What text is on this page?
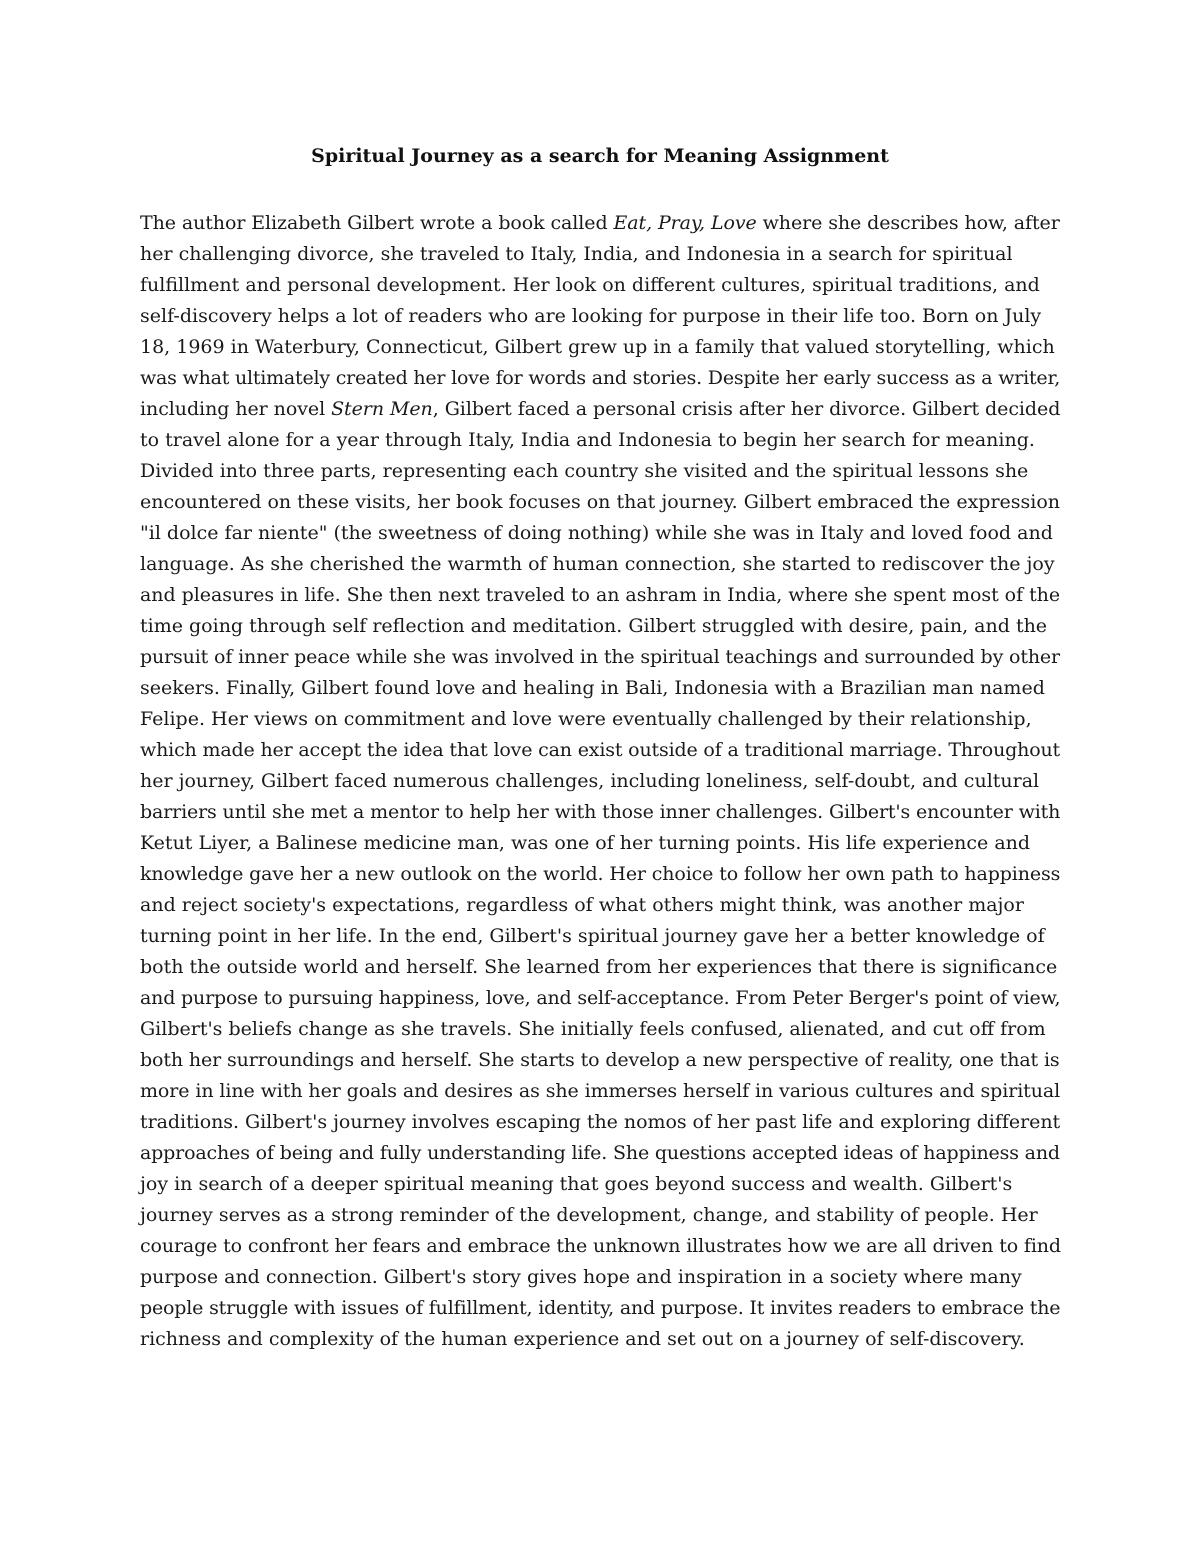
Spiritual Journey as a search for Meaning Assignment
The author Elizabeth Gilbert wrote a book called Eat, Pray, Love where she describes how, after
her challenging divorce, she traveled to Italy, India, and Indonesia in a search for spiritual
fulfillment and personal development. Her look on different cultures, spiritual traditions, and
self-discovery helps a lot of readers who are looking for purpose in their life too. Born on July
18, 1969 in Waterbury, Connecticut, Gilbert grew up in a family that valued storytelling, which
was what ultimately created her love for words and stories. Despite her early success as a writer,
including her novel Stern Men, Gilbert faced a personal crisis after her divorce. Gilbert decided
to travel alone for a year through Italy, India and Indonesia to begin her search for meaning.
Divided into three parts, representing each country she visited and the spiritual lessons she
encountered on these visits, her book focuses on that journey. Gilbert embraced the expression
"il dolce far niente" (the sweetness of doing nothing) while she was in Italy and loved food and
language. As she cherished the warmth of human connection, she started to rediscover the joy
and pleasures in life. She then next traveled to an ashram in India, where she spent most of the
time going through self reflection and meditation. Gilbert struggled with desire, pain, and the
pursuit of inner peace while she was involved in the spiritual teachings and surrounded by other
seekers. Finally, Gilbert found love and healing in Bali, Indonesia with a Brazilian man named
Felipe. Her views on commitment and love were eventually challenged by their relationship,
which made her accept the idea that love can exist outside of a traditional marriage. Throughout
her journey, Gilbert faced numerous challenges, including loneliness, self-doubt, and cultural
barriers until she met a mentor to help her with those inner challenges. Gilbert's encounter with
Ketut Liyer, a Balinese medicine man, was one of her turning points. His life experience and
knowledge gave her a new outlook on the world. Her choice to follow her own path to happiness
and reject society's expectations, regardless of what others might think, was another major
turning point in her life. In the end, Gilbert's spiritual journey gave her a better knowledge of
both the outside world and herself. She learned from her experiences that there is significance
and purpose to pursuing happiness, love, and self-acceptance. From Peter Berger's point of view,
Gilbert's beliefs change as she travels. She initially feels confused, alienated, and cut off from
both her surroundings and herself. She starts to develop a new perspective of reality, one that is
more in line with her goals and desires as she immerses herself in various cultures and spiritual
traditions. Gilbert's journey involves escaping the nomos of her past life and exploring different
approaches of being and fully understanding life. She questions accepted ideas of happiness and
joy in search of a deeper spiritual meaning that goes beyond success and wealth. Gilbert's
journey serves as a strong reminder of the development, change, and stability of people. Her
courage to confront her fears and embrace the unknown illustrates how we are all driven to find
purpose and connection. Gilbert's story gives hope and inspiration in a society where many
people struggle with issues of fulfillment, identity, and purpose. It invites readers to embrace the
richness and complexity of the human experience and set out on a journey of self-discovery.
